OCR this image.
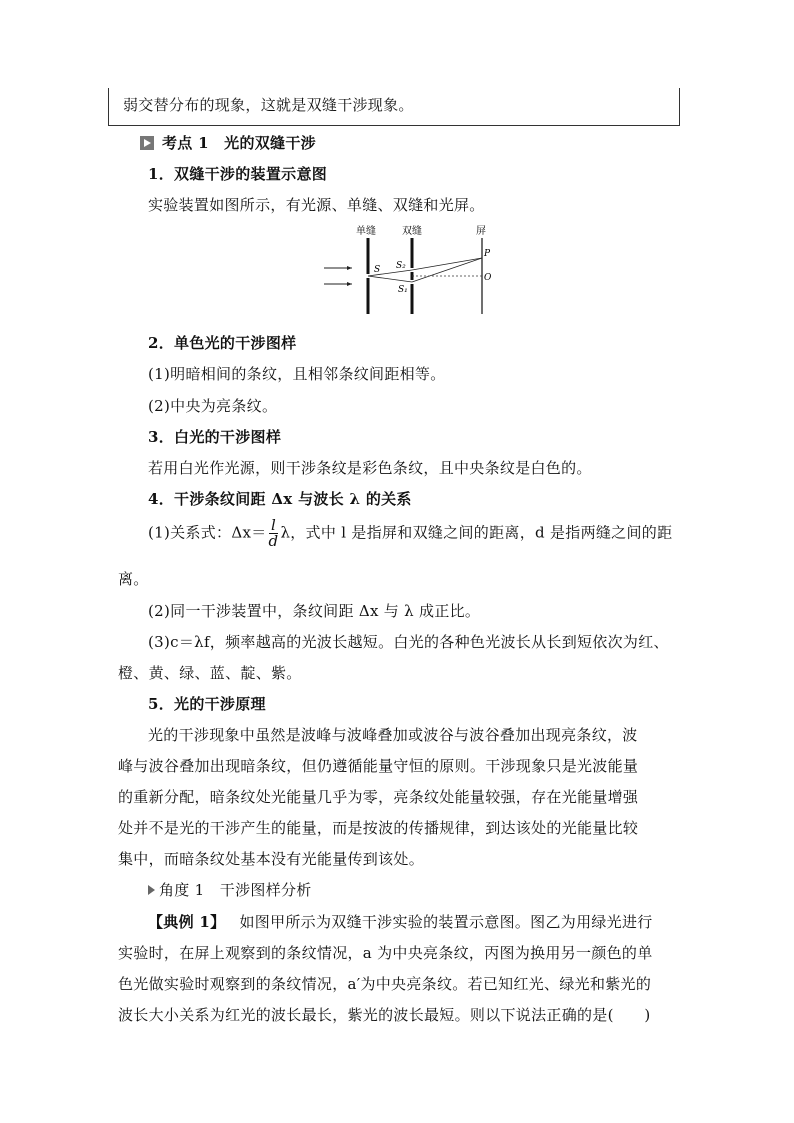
弱交替分布的现象，这就是双缝干涉现象。
考点 1　光的双缝干涉
1．双缝干涉的装置示意图
实验装置如图所示，有光源、单缝、双缝和光屏。
单缝	双缝	屏
S S₂
S₁
P
O
2．单色光的干涉图样
(1)明暗相间的条纹，且相邻条纹间距相等。
(2)中央为亮条纹。
3．白光的干涉图样
若用白光作光源，则干涉条纹是彩色条纹，且中央条纹是白色的。
4．干涉条纹间距 Δx 与波长 λ 的关系
(1)关系式：$\Delta x= \frac{l}{d}$ λ，式中 l 是指屏和双缝之间的距离，d 是指两缝之间的距
离。
(2)同一干涉装置中，条纹间距 Δx 与 λ 成正比。
(3)c＝λf，频率越高的光波长越短。白光的各种色光波长从长到短依次为红、
橙、黄、绿、蓝、靛、紫。
5．光的干涉原理
光的干涉现象中虽然是波峰与波峰叠加或波谷与波谷叠加出现亮条纹，波
峰与波谷叠加出现暗条纹，但仍遵循能量守恒的原则。干涉现象只是光波能量
的重新分配，暗条纹处光能量几乎为零，亮条纹处能量较强，存在光能量增强
处并不是光的干涉产生的能量，而是按波的传播规律，到达该处的光能量比较
集中，而暗条纹处基本没有光能量传到该处。
角度 1　干涉图样分析
【典例 1】 如图甲所示为双缝干涉实验的装置示意图。图乙为用绿光进行
实验时，在屏上观察到的条纹情况，a 为中央亮条纹，丙图为换用另一颜色的单
色光做实验时观察到的条纹情况，a′为中央亮条纹。若已知红光、绿光和紫光的
波长大小关系为红光的波长最长，紫光的波长最短。则以下说法正确的是(　　)
